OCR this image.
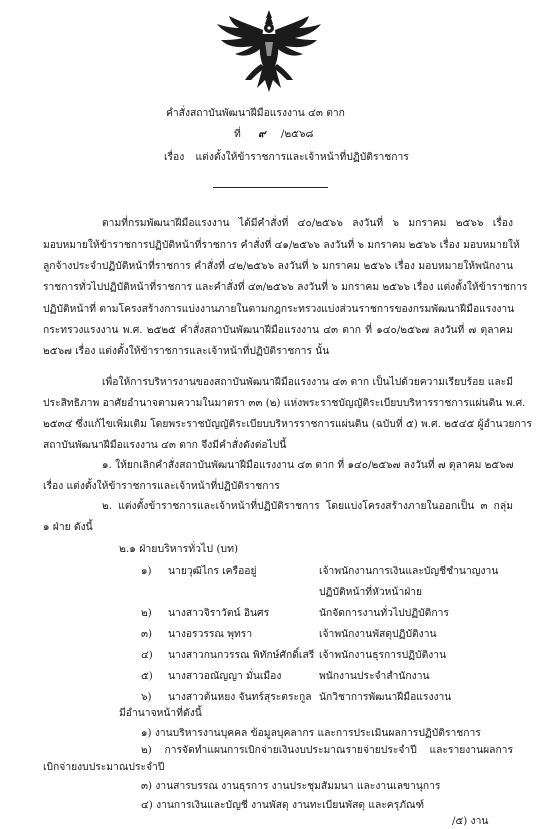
คำสั่งสถาบันพัฒนาฝีมือแรงงาน ๔๓ ตาก
ที่ ๙ /๒๕๖๘
เรื่อง แต่งตั้งให้ข้าราชการและเจ้าหน้าที่ปฏิบัติราชการ
ตามที่กรมพัฒนาฝีมือแรงงาน ได้มีคำสั่งที่ ๔๐/๒๕๖๖ ลงวันที่ ๖ มกราคม ๒๕๖๖ เรื่อง
มอบหมายให้ข้าราชการปฏิบัติหน้าที่ราชการ คำสั่งที่ ๔๑/๒๕๖๖ ลงวันที่ ๖ มกราคม ๒๕๖๖ เรื่อง มอบหมายให้
ลูกจ้างประจำปฏิบัติหน้าที่ราชการ คำสั่งที่ ๔๒/๒๕๖๖ ลงวันที่ ๖ มกราคม ๒๕๖๖ เรื่อง มอบหมายให้พนักงาน
ราชการทั่วไปปฏิบัติหน้าที่ราชการ และคำสั่งที่ ๔๓/๒๕๖๖ ลงวันที่ ๖ มกราคม ๒๕๖๖ เรื่อง แต่งตั้งให้ข้าราชการ
ปฏิบัติหน้าที่ ตามโครงสร้างการแบ่งงานภายในตามกฎกระทรวงแบ่งส่วนราชการของกรมพัฒนาฝีมือแรงงาน
กระทรวงแรงงาน พ.ศ. ๒๕๒๕ คำสั่งสถาบันพัฒนาฝีมือแรงงาน ๔๓ ตาก ที่ ๑๔๐/๒๕๖๗ ลงวันที่ ๗ ตุลาคม
๒๕๖๗ เรื่อง แต่งตั้งให้ข้าราชการและเจ้าหน้าที่ปฏิบัติราชการ นั้น
เพื่อให้การบริหารงานของสถาบันพัฒนาฝีมือแรงงาน ๔๓ ตาก เป็นไปด้วยความเรียบร้อย และมี
ประสิทธิภาพ อาศัยอำนาจตามความในมาตรา ๓๓ (๒) แห่งพระราชบัญญัติระเบียบบริหารราชการแผ่นดิน พ.ศ.
๒๕๓๔ ซึ่งแก้ไขเพิ่มเติม โดยพระราชบัญญัติระเบียบบริหารราชการแผ่นดิน (ฉบับที่ ๕) พ.ศ. ๒๕๔๕ ผู้อำนวยการ
สถาบันพัฒนาฝีมือแรงงาน ๔๓ ตาก จึงมีคำสั่งดังต่อไปนี้
๑. ให้ยกเลิกคำสั่งสถาบันพัฒนาฝีมือแรงงาน ๔๓ ตาก ที่ ๑๔๐/๒๕๖๗ ลงวันที่ ๗ ตุลาคม ๒๕๖๗
เรื่อง แต่งตั้งให้ข้าราชการและเจ้าหน้าที่ปฏิบัติราชการ
๒. แต่งตั้งข้าราชการและเจ้าหน้าที่ปฏิบัติราชการ โดยแบ่งโครงสร้างภายในออกเป็น ๓ กลุ่ม
๑ ฝ่าย ดังนี้
๒.๑ ฝ่ายบริหารทั่วไป (บท)
๑) นายวุฒิไกร เครืออยู่	เจ้าพนักงานการเงินและบัญชีชำนาญงาน
ปฏิบัติหน้าที่หัวหน้าฝ่าย
๒) นางสาวจิราวัตน์ อินศร	นักจัดการงานทั่วไปปฏิบัติการ
๓) นางอรวรรณ พุทรา	เจ้าพนักงานพัสดุปฏิบัติงาน
๔) นางสาวกนกวรรณ พิทักษ์ศักดิ์เสรี เจ้าพนักงานธุรการปฏิบัติงาน
๕) นางสาวอณัญญา มั่นเมือง	พนักงานประจำสำนักงาน
๖) นางสาวต้นหยง จันทร์สุระตระกูล นักวิชาการพัฒนาฝีมือแรงงาน
มีอำนาจหน้าที่ดังนี้
๑) งานบริหารงานบุคคล ข้อมูลบุคลากร และการประเมินผลการปฏิบัติราชการ
๒) การจัดทำแผนการเบิกจ่ายเงินงบประมาณรายจ่ายประจำปี และรายงานผลการ
เบิกจ่ายงบประมาณประจำปี
๓) งานสารบรรณ งานธุรการ งานประชุมสัมมนา และงานเลขานุการ
๔) งานการเงินและบัญชี งานพัสดุ งานทะเบียนพัสดุ และครุภัณฑ์
/๕) งาน
